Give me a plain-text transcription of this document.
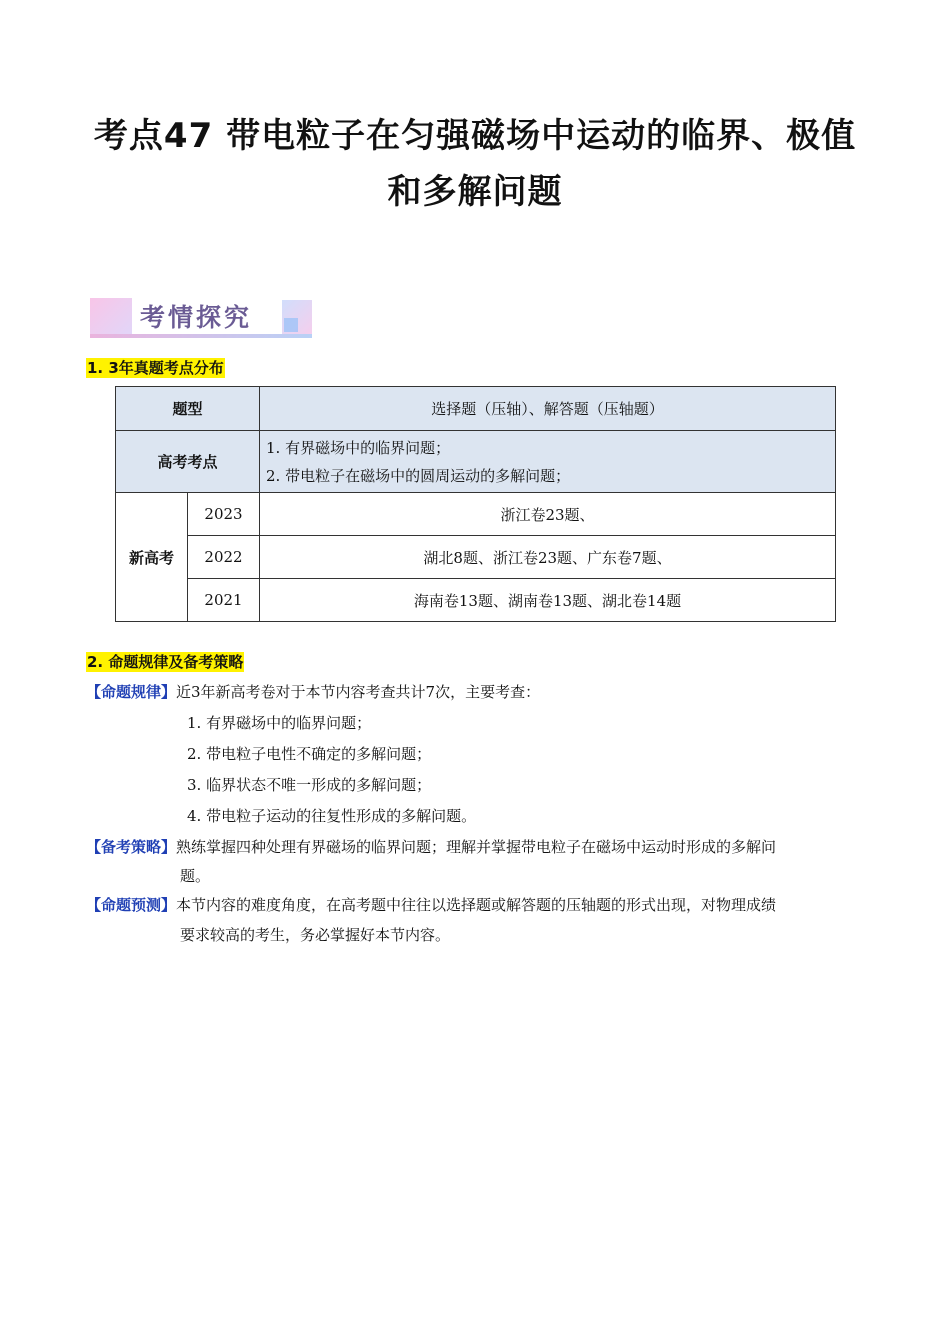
考点47 带电粒子在匀强磁场中运动的临界、极值
和多解问题
考情探究
1. 3年真题考点分布
题型		选择题（压轴）、解答题（压轴题）
高考考点		1. 有界磁场中的临界问题；
2. 带电粒子在磁场中的圆周运动的多解问题；

新高考	2023	浙江卷23题、
	2022	湖北8题、浙江卷23题、广东卷7题、
	2021	海南卷13题、湖南卷13题、湖北卷14题
2. 命题规律及备考策略
【命题规律】近3年新高考卷对于本节内容考查共计7次，主要考查：
1. 有界磁场中的临界问题；
2. 带电粒子电性不确定的多解问题；
3. 临界状态不唯一形成的多解问题；
4. 带电粒子运动的往复性形成的多解问题。
【备考策略】熟练掌握四种处理有界磁场的临界问题；理解并掌握带电粒子在磁场中运动时形成的多解问
题。
【命题预测】本节内容的难度角度，在高考题中往往以选择题或解答题的压轴题的形式出现，对物理成绩
要求较高的考生，务必掌握好本节内容。
